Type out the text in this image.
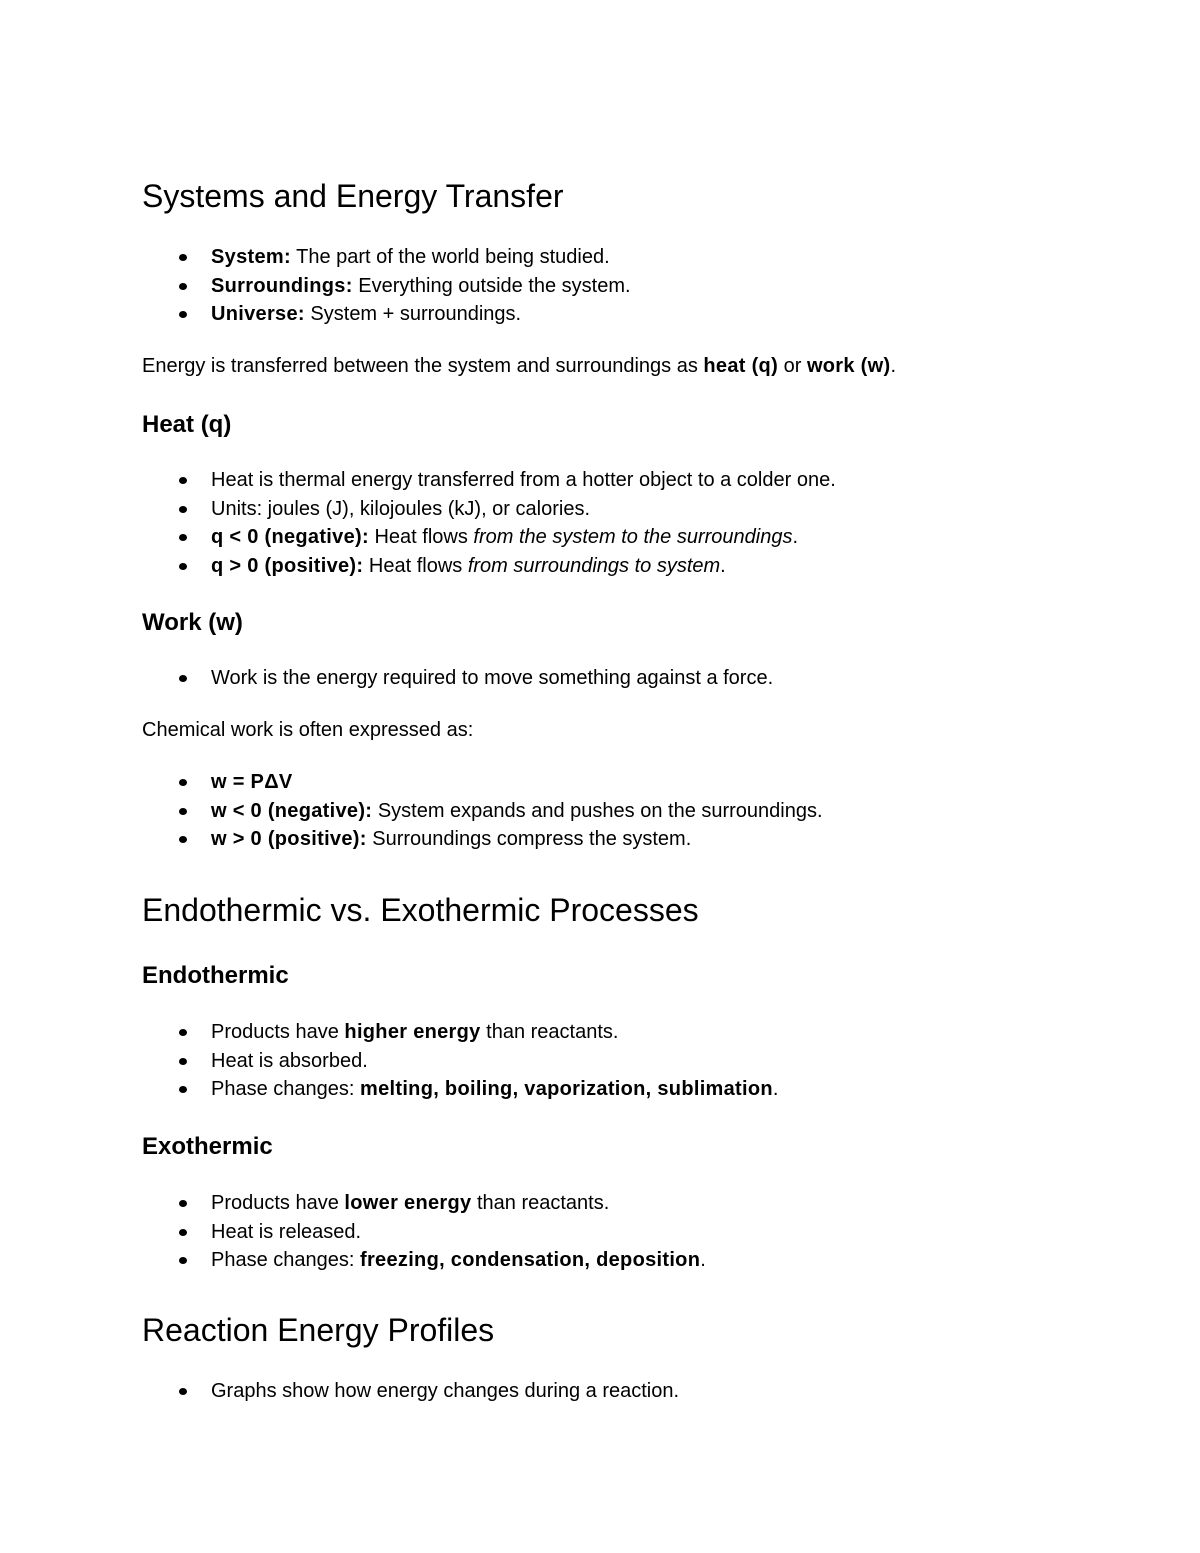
Systems and Energy Transfer
System: The part of the world being studied.
Surroundings: Everything outside the system.
Universe: System + surroundings.

Energy is transferred between the system and surroundings as heat (q) or work (w).

Heat (q)
Heat is thermal energy transferred from a hotter object to a colder one.
Units: joules (J), kilojoules (kJ), or calories.
q < 0 (negative): Heat flows from the system to the surroundings.
q > 0 (positive): Heat flows from surroundings to system.
Work (w)
Work is the energy required to move something against a force.

Chemical work is often expressed as:

w = PΔV
w < 0 (negative): System expands and pushes on the surroundings.
w > 0 (positive): Surroundings compress the system.
Endothermic vs. Exothermic Processes
Endothermic
Products have higher energy than reactants.
Heat is absorbed.
Phase changes: melting, boiling, vaporization, sublimation.
Exothermic
Products have lower energy than reactants.
Heat is released.
Phase changes: freezing, condensation, deposition.
Reaction Energy Profiles
Graphs show how energy changes during a reaction.
